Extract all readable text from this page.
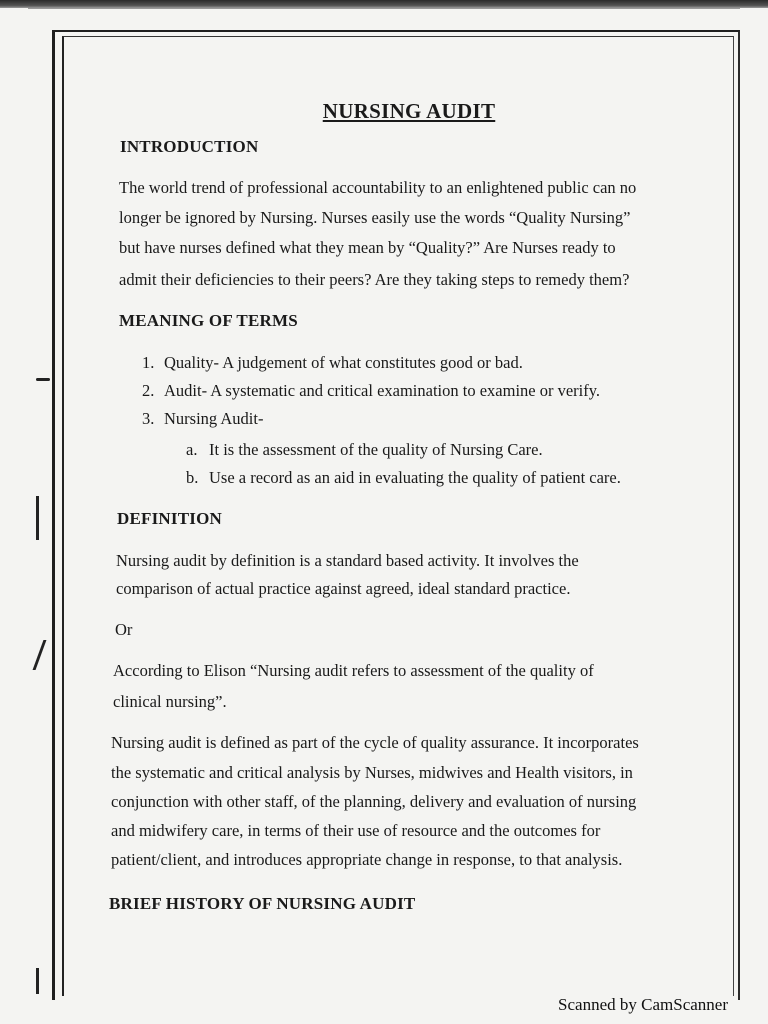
NURSING AUDIT
INTRODUCTION
The world trend of professional accountability to an enlightened public can no
longer be ignored by Nursing. Nurses easily use the words “Quality Nursing”
but have nurses defined what they mean by “Quality?” Are Nurses ready to
admit their deficiencies to their peers? Are they taking steps to remedy them?
MEANING OF TERMS
1. Quality- A judgement of what constitutes good or bad.
2. Audit- A systematic and critical examination to examine or verify.
3. Nursing Audit-
a. It is the assessment of the quality of Nursing Care.
b. Use a record as an aid in evaluating the quality of patient care.
DEFINITION
Nursing audit by definition is a standard based activity. It involves the
comparison of actual practice against agreed, ideal standard practice.
Or
According to Elison “Nursing audit refers to assessment of the quality of
clinical nursing”.
Nursing audit is defined as part of the cycle of quality assurance. It incorporates
the systematic and critical analysis by Nurses, midwives and Health visitors, in
conjunction with other staff, of the planning, delivery and evaluation of nursing
and midwifery care, in terms of their use of resource and the outcomes for
patient/client, and introduces appropriate change in response, to that analysis.
BRIEF HISTORY OF NURSING AUDIT
Scanned by CamScanner
